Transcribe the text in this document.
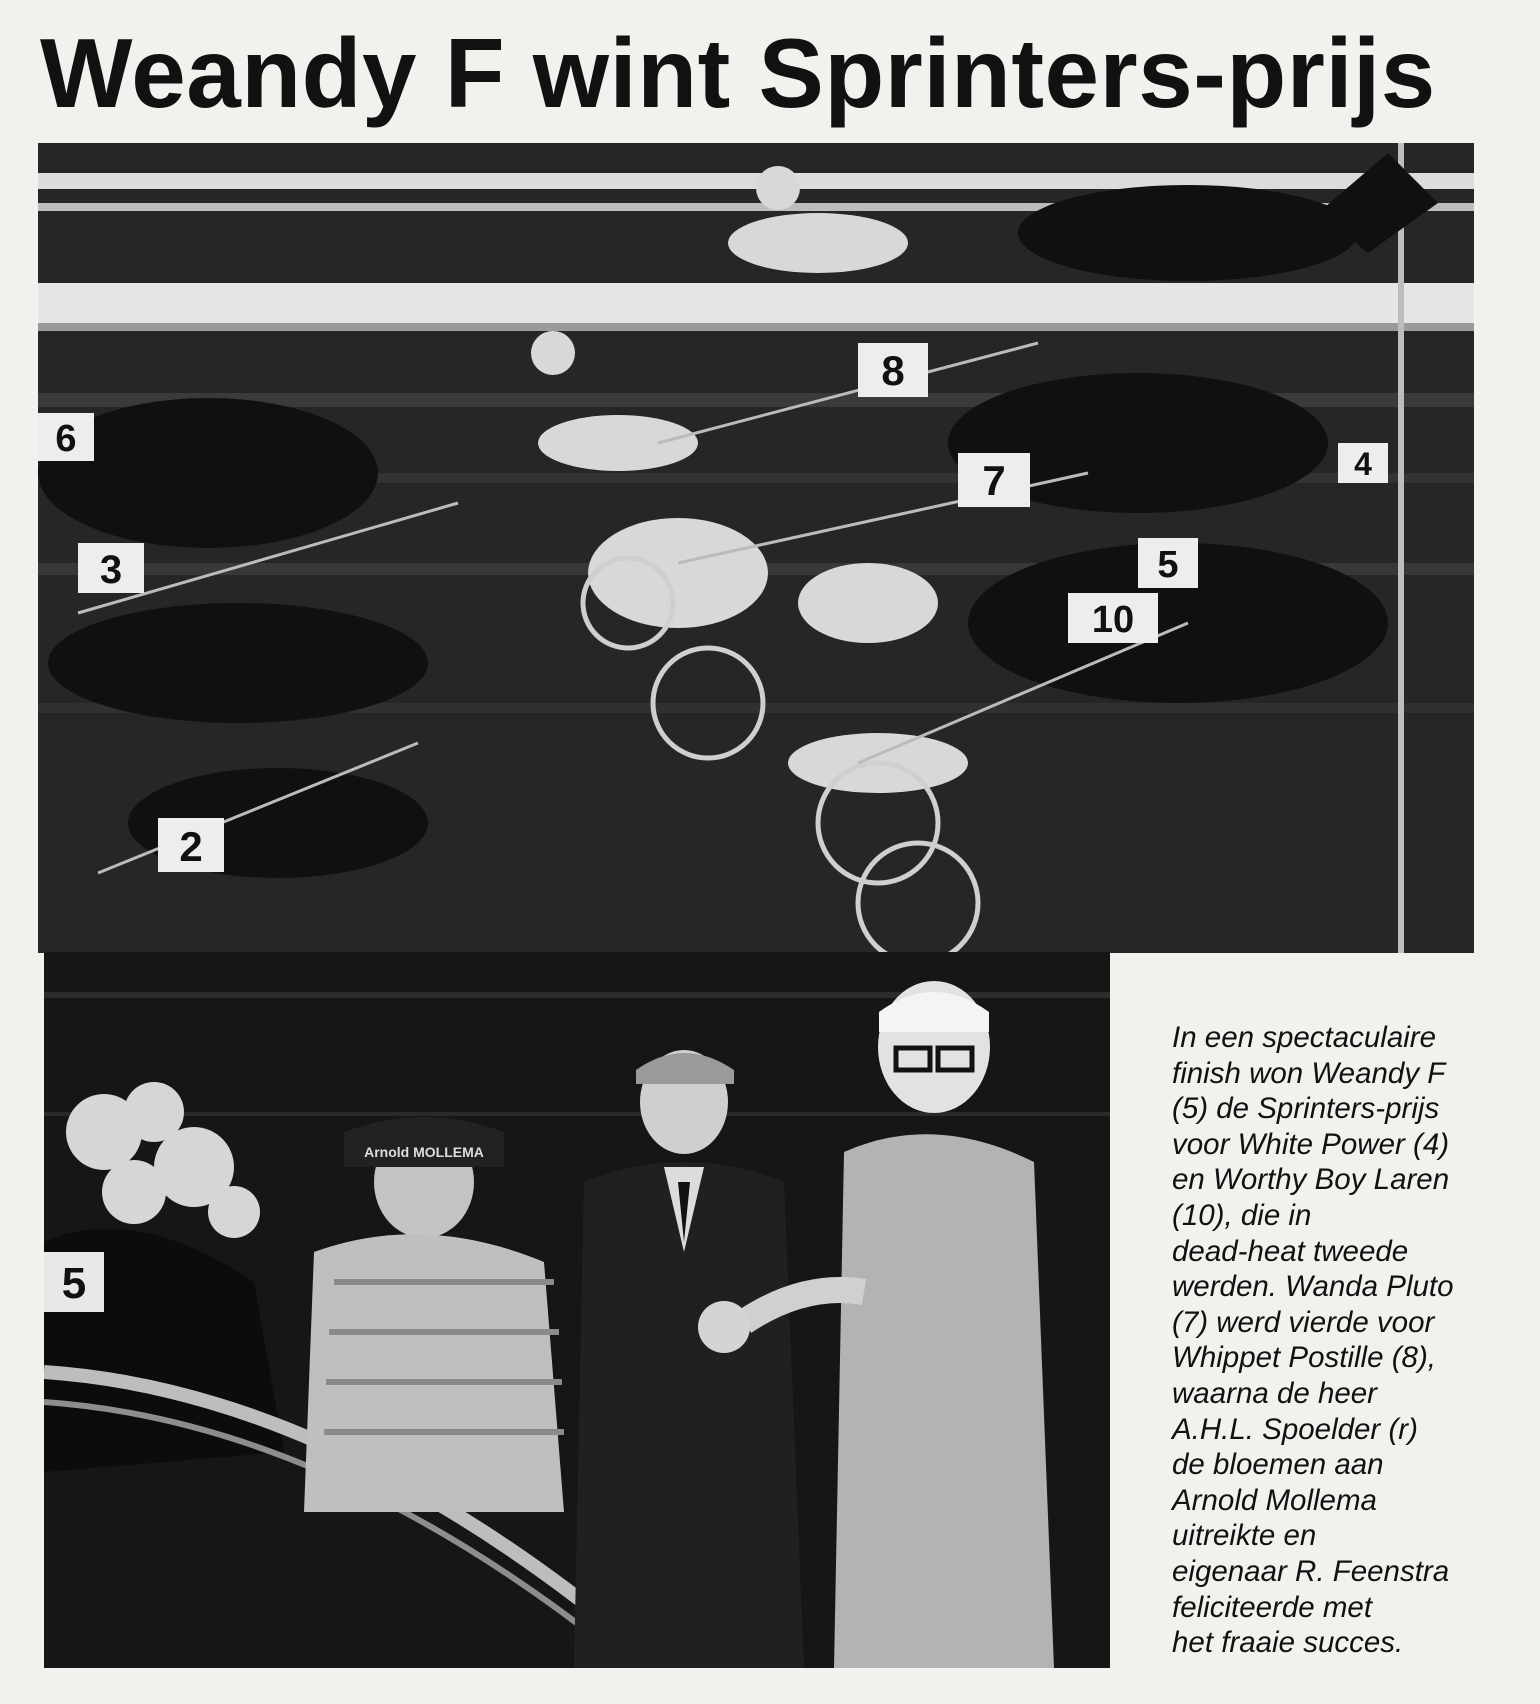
Weandy F wint Sprinters-prijs
6
3
2
8
7
5
4
10
5
Arnold MOLLEMA

In een spectaculaire
finish won Weandy F
(5) de Sprinters-prijs
voor White Power (4)
en Worthy Boy Laren
(10), die in
dead-heat tweede
werden. Wanda Pluto
(7) werd vierde voor
Whippet Postille (8),
waarna de heer
A.H.L. Spoelder (r)
de bloemen aan
Arnold Mollema
uitreikte en
eigenaar R. Feenstra
feliciteerde met
het fraaie succes.
